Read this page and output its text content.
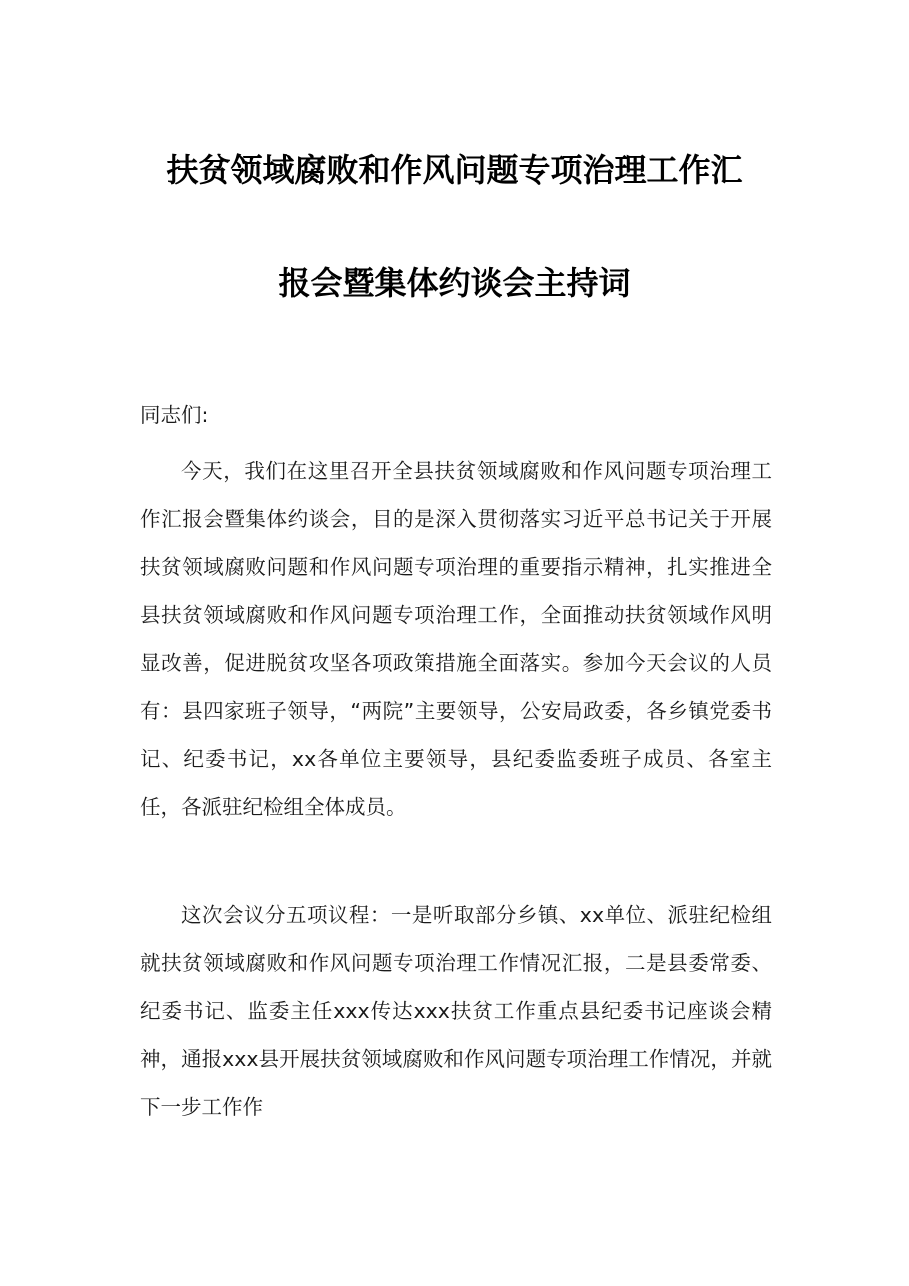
扶贫领域腐败和作风问题专项治理工作汇
报会暨集体约谈会主持词
同志们:
今天，我们在这里召开全县扶贫领域腐败和作风问题专项治理工作汇报会暨集体约谈会，目的是深入贯彻落实习近平总书记关于开展扶贫领域腐败问题和作风问题专项治理的重要指示精神，扎实推进全县扶贫领域腐败和作风问题专项治理工作，全面推动扶贫领域作风明显改善，促进脱贫攻坚各项政策措施全面落实。参加今天会议的人员有：县四家班子领导，“两院”主要领导，公安局政委，各乡镇党委书记、纪委书记，xx各单位主要领导，县纪委监委班子成员、各室主任，各派驻纪检组全体成员。
这次会议分五项议程：一是听取部分乡镇、xx单位、派驻纪检组就扶贫领域腐败和作风问题专项治理工作情况汇报，二是县委常委、纪委书记、监委主任xxx传达xxx扶贫工作重点县纪委书记座谈会精神，通报xxx县开展扶贫领域腐败和作风问题专项治理工作情况，并就下一步工作作
